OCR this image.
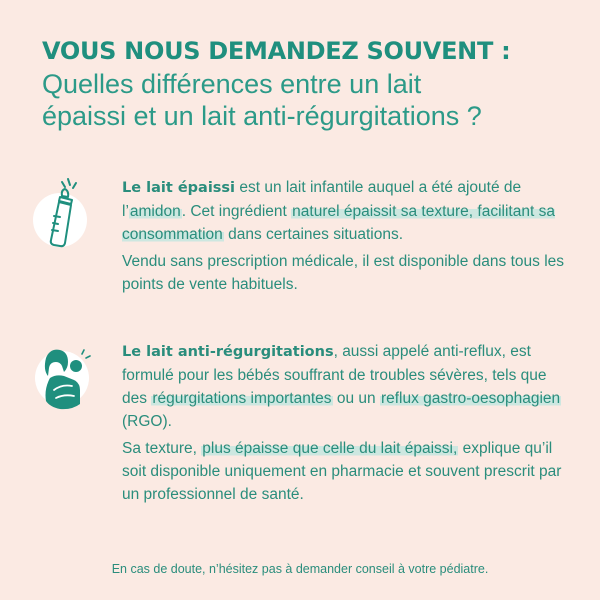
VOUS NOUS DEMANDEZ SOUVENT :
Quelles différences entre un lait
épaissi et un lait anti-régurgitations ?
Le lait épaissi est un lait infantile auquel a été ajouté de l’amidon. Cet ingrédient naturel épaissit sa texture, facilitant sa consommation dans certaines situations.
Vendu sans prescription médicale, il est disponible dans tous les points de vente habituels.
Le lait anti-régurgitations, aussi appelé anti-reflux, est formulé pour les bébés souffrant de troubles sévères, tels que des régurgitations importantes ou un reflux gastro-oesophagien (RGO).
Sa texture, plus épaisse que celle du lait épaissi, explique qu’il soit disponible uniquement en pharmacie et souvent prescrit par un professionnel de santé.
En cas de doute, n’hésitez pas à demander conseil à votre pédiatre.
